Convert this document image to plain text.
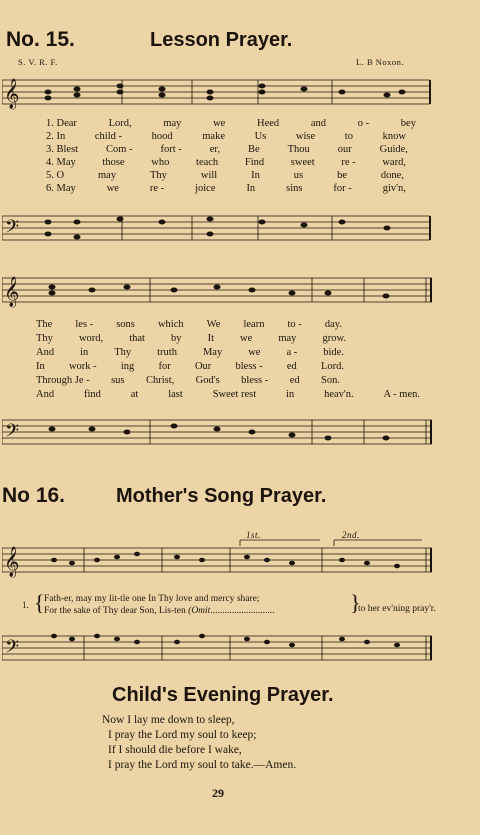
No. 15.	Lesson Prayer.
S. V. R. F.	L. B Noxon.
𝄞
1. Dear	Lord,	may	we	Heed	and	o -	bey
2. In	child -	hood	make	Us	wise	to	know
3. Blest	Com -	fort -	er,	Be	Thou	our	Guide,
4. May	those	who	teach	Find	sweet	re -	ward,
5. O	may	Thy	will	In	us	be	done,
6. May	we	re -	joice	In	sins	for -	giv'n,
𝄢
𝄞
The les - sons which We learn to - day.
Thy word, that by It we may grow.
And in Thy truth May we a - bide.
In work - ing for Our bless - ed Lord.
Through Je - sus Christ, God's bless - ed Son.
And	find	at	last	Sweet rest	in	heav'n.	A - men.
𝄢
No 16.	Mother's Song Prayer.
1st.	2nd.
𝄞
1. { Fath-er, may my lit-tle one In Thy love and mercy share;
For the sake of Thy dear Son, Lis-ten (Omit...........................	}
to her ev'ning pray'r.
𝄢
Child's Evening Prayer.
Now I lay me down to sleep,
I pray the Lord my soul to keep;
If I should die before I wake,
I pray the Lord my soul to take.—Amen.
29
